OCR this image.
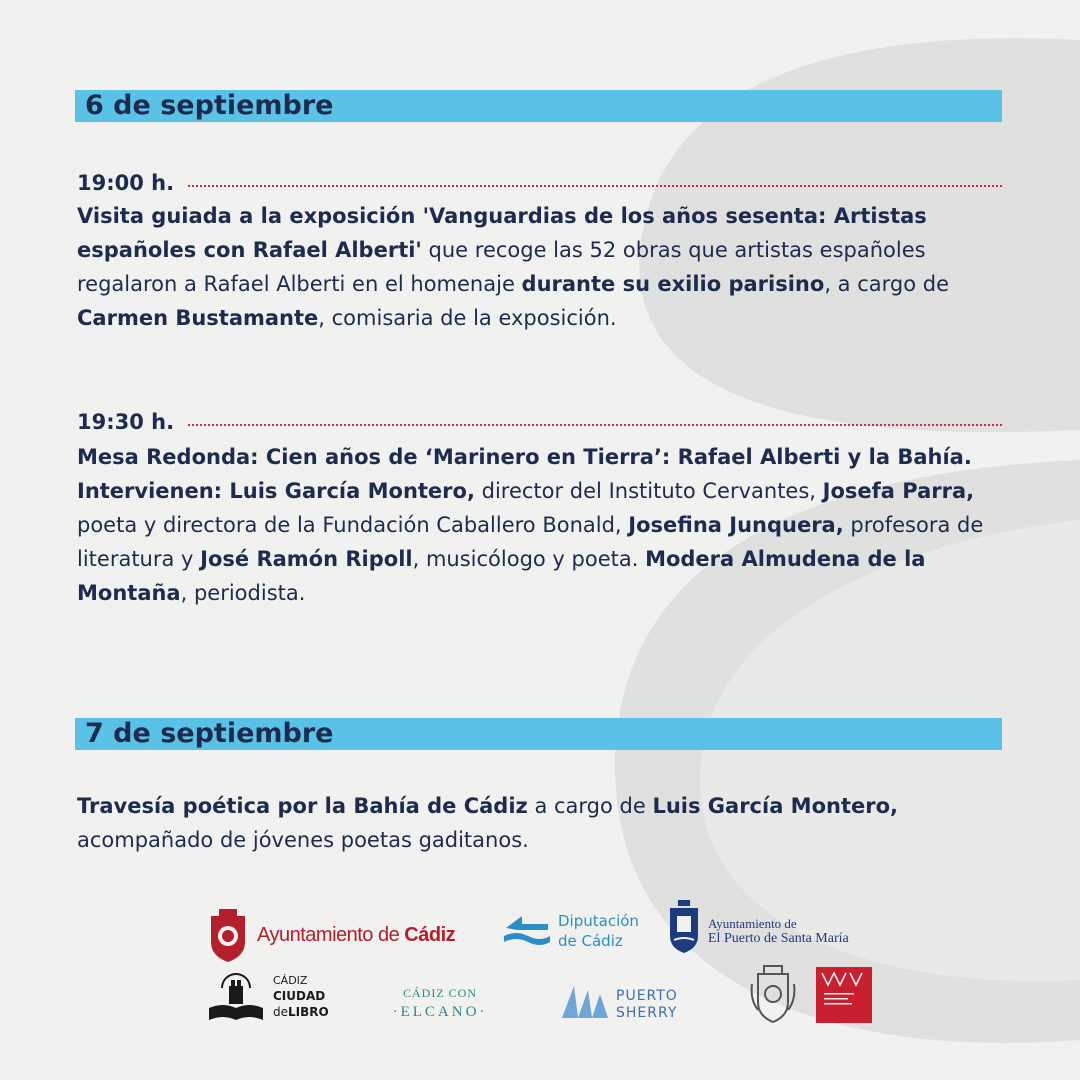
6 de septiembre
19:00 h.

Visita guiada a la exposición 'Vanguardias de los años sesenta: Artistas españoles con Rafael Alberti' que recoge las 52 obras que artistas españoles regalaron a Rafael Alberti en el homenaje durante su exilio parisino, a cargo de Carmen Bustamante, comisaria de la exposición.

19:30 h.

Mesa Redonda: Cien años de ‘Marinero en Tierra’: Rafael Alberti y la Bahía. Intervienen: Luis García Montero, director del Instituto Cervantes, Josefa Parra, poeta y directora de la Fundación Caballero Bonald, Josefina Junquera, profesora de literatura y José Ramón Ripoll, musicólogo y poeta. Modera Almudena de la Montaña, periodista.

7 de septiembre

Travesía poética por la Bahía de Cádiz a cargo de Luis García Montero, acompañado de jóvenes poetas gaditanos.

Ayuntamiento de Cádiz
Diputación
de Cádiz
Ayuntamiento de
El Puerto de Santa María
CÁDIZ
CIUDAD
deLIBRO
CÁDIZ CON
·ELCANO·
PUERTO
SHERRY
